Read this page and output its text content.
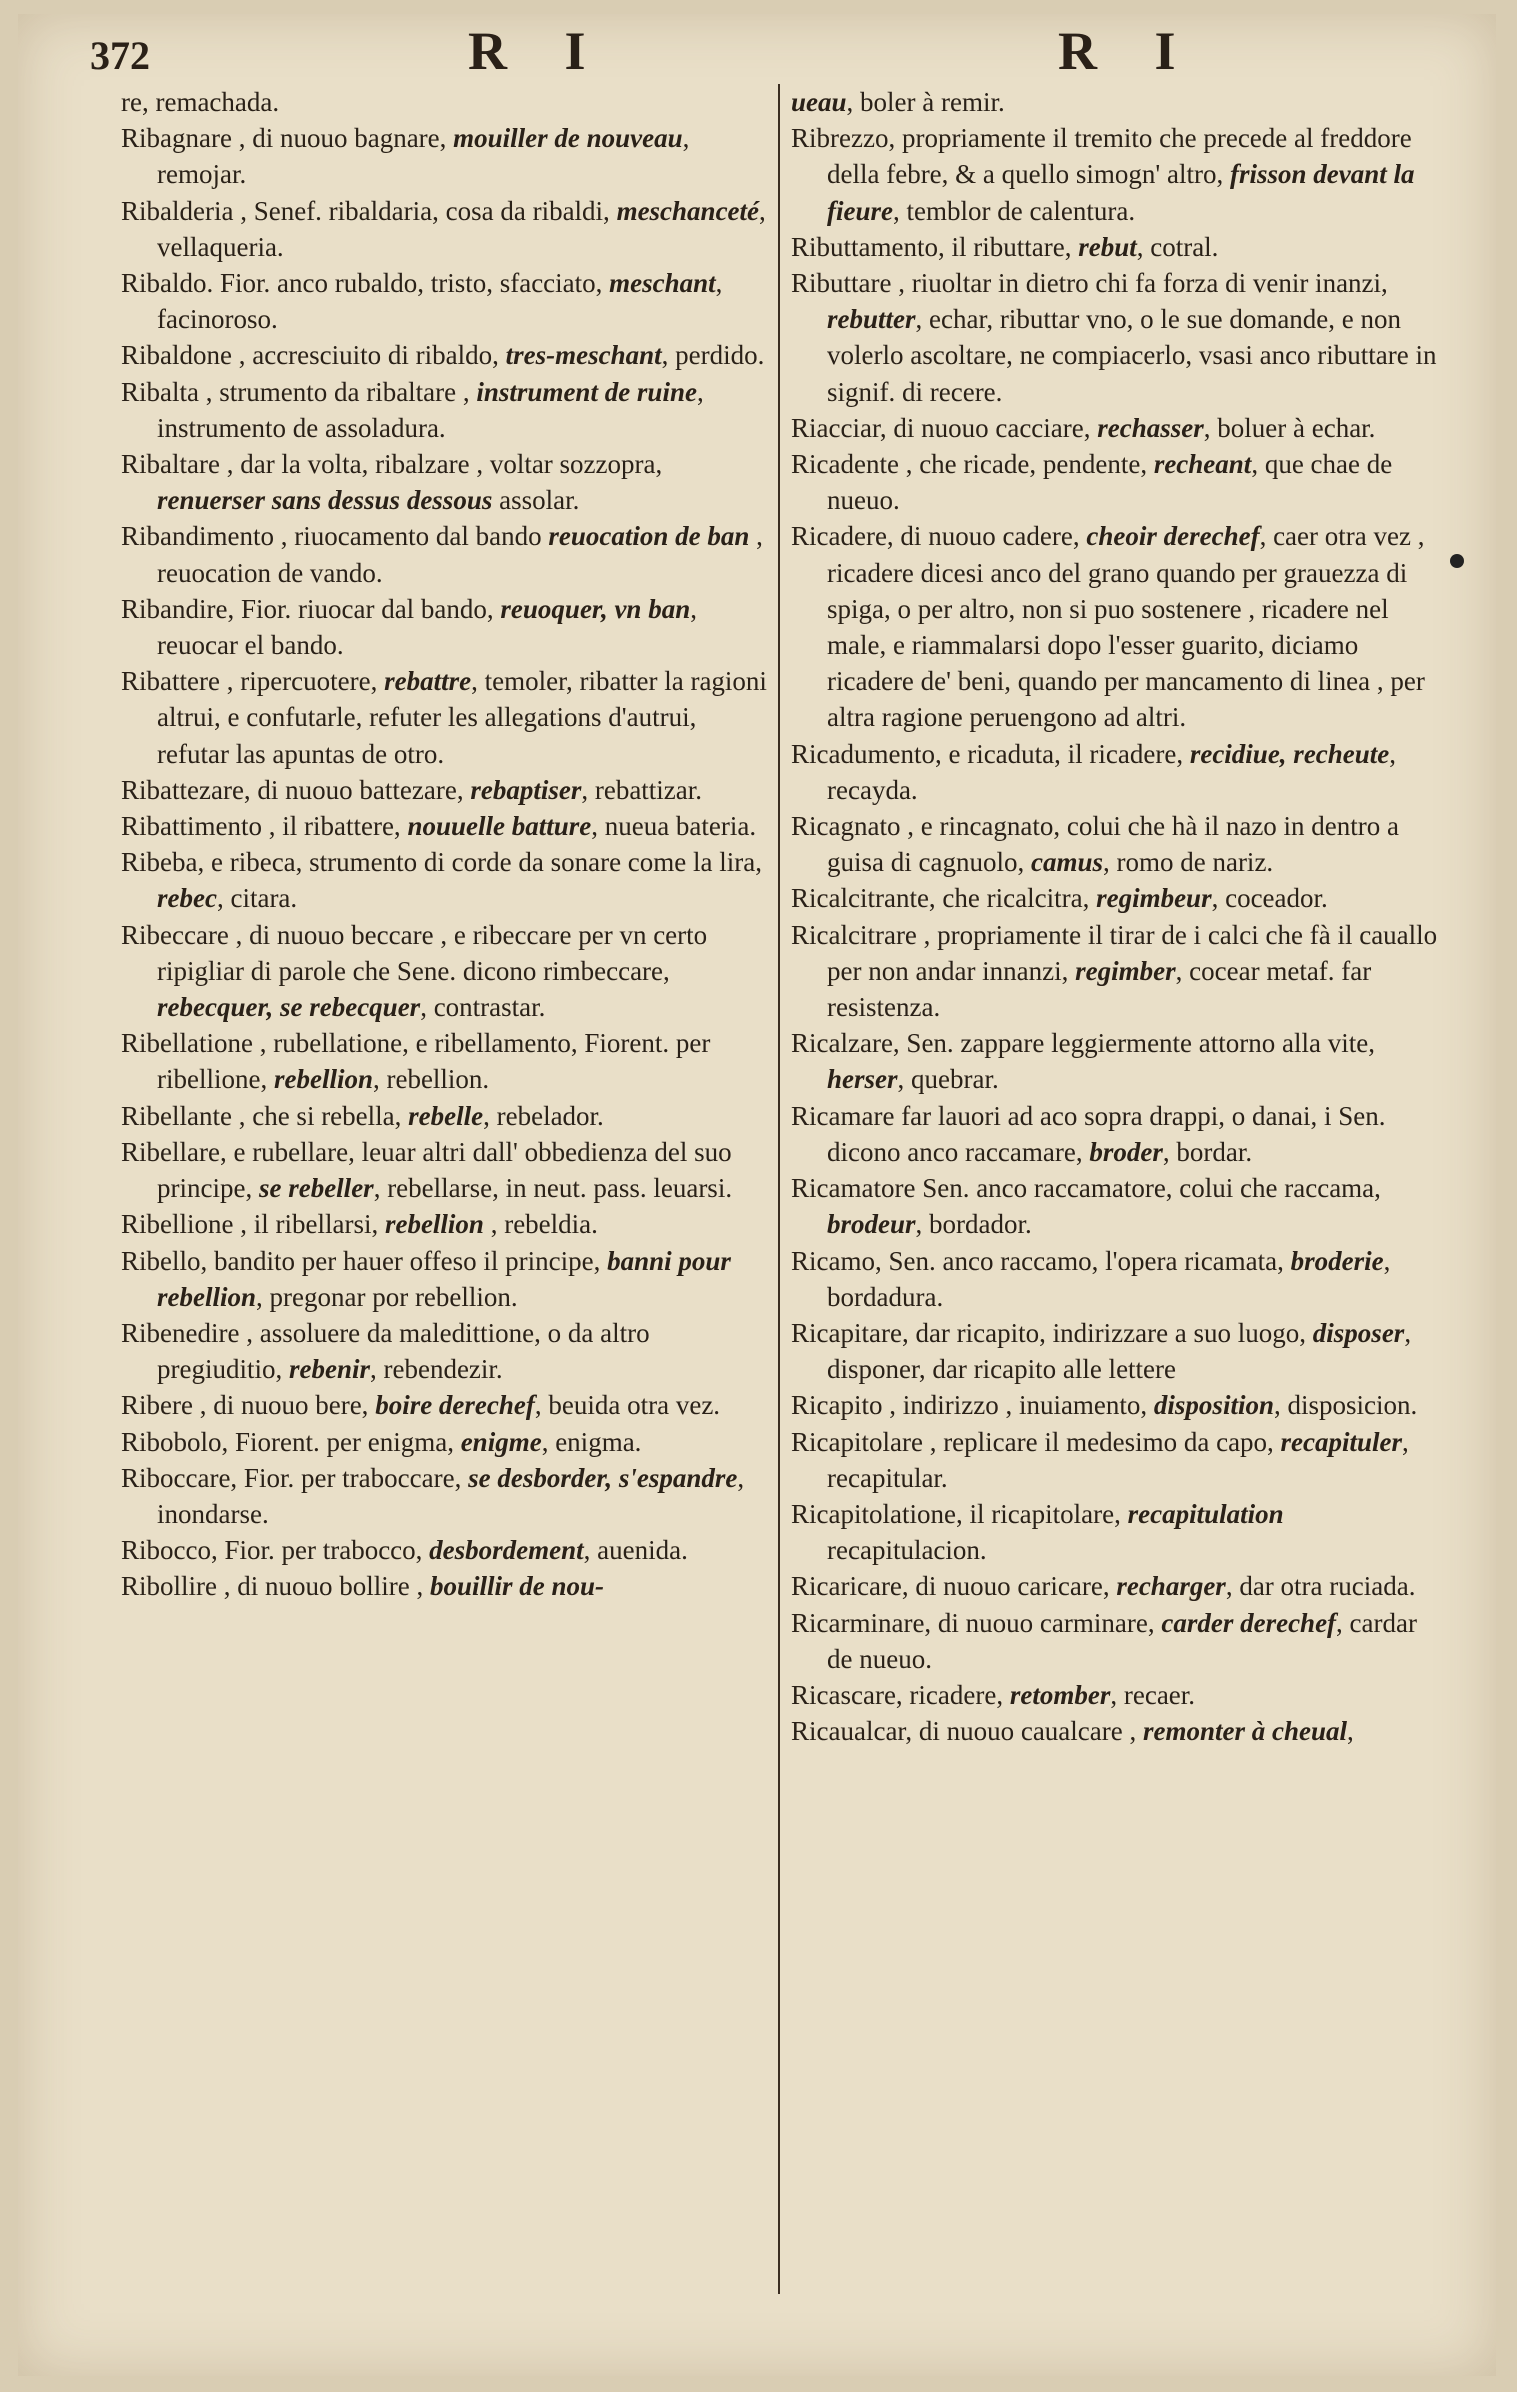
372	R I	R I

re, remachada.

Ribagnare , di nuouo bagnare, mouiller de nouveau, remojar.

Ribalderia , Senef. ribaldaria, cosa da ribaldi, meschanceté, vellaqueria.

Ribaldo. Fior. anco rubaldo, tristo, sfacciato, meschant, facinoroso.

Ribaldone , accresciuito di ribaldo, tres-meschant, perdido.

Ribalta , strumento da ribaltare , instrument de ruine, instrumento de assoladura.

Ribaltare , dar la volta, ribalzare , voltar sozzopra, renuerser sans dessus dessous assolar.

Ribandimento , riuocamento dal bando reuocation de ban , reuocation de vando.

Ribandire, Fior. riuocar dal bando, reuoquer, vn ban, reuocar el bando.

Ribattere , ripercuotere, rebattre, temoler, ribatter la ragioni altrui, e confutarle, refuter les allegations d'autrui, refutar las apuntas de otro.

Ribattezare, di nuouo battezare, rebaptiser, rebattizar.

Ribattimento , il ribattere, nouuelle batture, nueua bateria.

Ribeba, e ribeca, strumento di corde da sonare come la lira, rebec, citara.

Ribeccare , di nuouo beccare , e ribeccare per vn certo ripigliar di parole che Sene. dicono rimbeccare, rebecquer, se rebecquer, contrastar.

Ribellatione , rubellatione, e ribellamento, Fiorent. per ribellione, rebellion, rebellion.

Ribellante , che si rebella, rebelle, rebelador.

Ribellare, e rubellare, leuar altri dall' obbedienza del suo principe, se rebeller, rebellarse, in neut. pass. leuarsi.

Ribellione , il ribellarsi, rebellion , rebeldia.

Ribello, bandito per hauer offeso il principe, banni pour rebellion, pregonar por rebellion.

Ribenedire , assoluere da maledittione, o da altro pregiuditio, rebenir, rebendezir.

Ribere , di nuouo bere, boire derechef, beuida otra vez.

Ribobolo, Fiorent. per enigma, enigme, enigma.

Riboccare, Fior. per traboccare, se desborder, s'espandre, inondarse.

Ribocco, Fior. per trabocco, desbordement, auenida.

Ribollire , di nuouo bollire , bouillir de nou-

ueau, boler à remir.

Ribrezzo, propriamente il tremito che precede al freddore della febre, & a quello simogn' altro, frisson devant la fieure, temblor de calentura.

Ributtamento, il ributtare, rebut, cotral.

Ributtare , riuoltar in dietro chi fa forza di venir inanzi, rebutter, echar, ributtar vno, o le sue domande, e non volerlo ascoltare, ne compiacerlo, vsasi anco ributtare in signif. di recere.

Riacciar, di nuouo cacciare, rechasser, boluer à echar.

Ricadente , che ricade, pendente, recheant, que chae de nueuo.

Ricadere, di nuouo cadere, cheoir derechef, caer otra vez , ricadere dicesi anco del grano quando per grauezza di spiga, o per altro, non si puo sostenere , ricadere nel male, e riammalarsi dopo l'esser guarito, diciamo ricadere de' beni, quando per mancamento di linea , per altra ragione peruengono ad altri.

Ricadumento, e ricaduta, il ricadere, recidiue, recheute, recayda.

Ricagnato , e rincagnato, colui che hà il nazo in dentro a guisa di cagnuolo, camus, romo de nariz.

Ricalcitrante, che ricalcitra, regimbeur, coceador.

Ricalcitrare , propriamente il tirar de i calci che fà il cauallo per non andar innanzi, regimber, cocear metaf. far resistenza.

Ricalzare, Sen. zappare leggiermente attorno alla vite, herser, quebrar.

Ricamare far lauori ad aco sopra drappi, o danai, i Sen. dicono anco raccamare, broder, bordar.

Ricamatore Sen. anco raccamatore, colui che raccama, brodeur, bordador.

Ricamo, Sen. anco raccamo, l'opera ricamata, broderie, bordadura.

Ricapitare, dar ricapito, indirizzare a suo luogo, disposer, disponer, dar ricapito alle lettere

Ricapito , indirizzo , inuiamento, disposition, disposicion.

Ricapitolare , replicare il medesimo da capo, recapituler, recapitular.

Ricapitolatione, il ricapitolare, recapitulation recapitulacion.

Ricaricare, di nuouo caricare, recharger, dar otra ruciada.

Ricarminare, di nuouo carminare, carder derechef, cardar de nueuo.

Ricascare, ricadere, retomber, recaer.

Ricaualcar, di nuouo caualcare , remonter à cheual,
